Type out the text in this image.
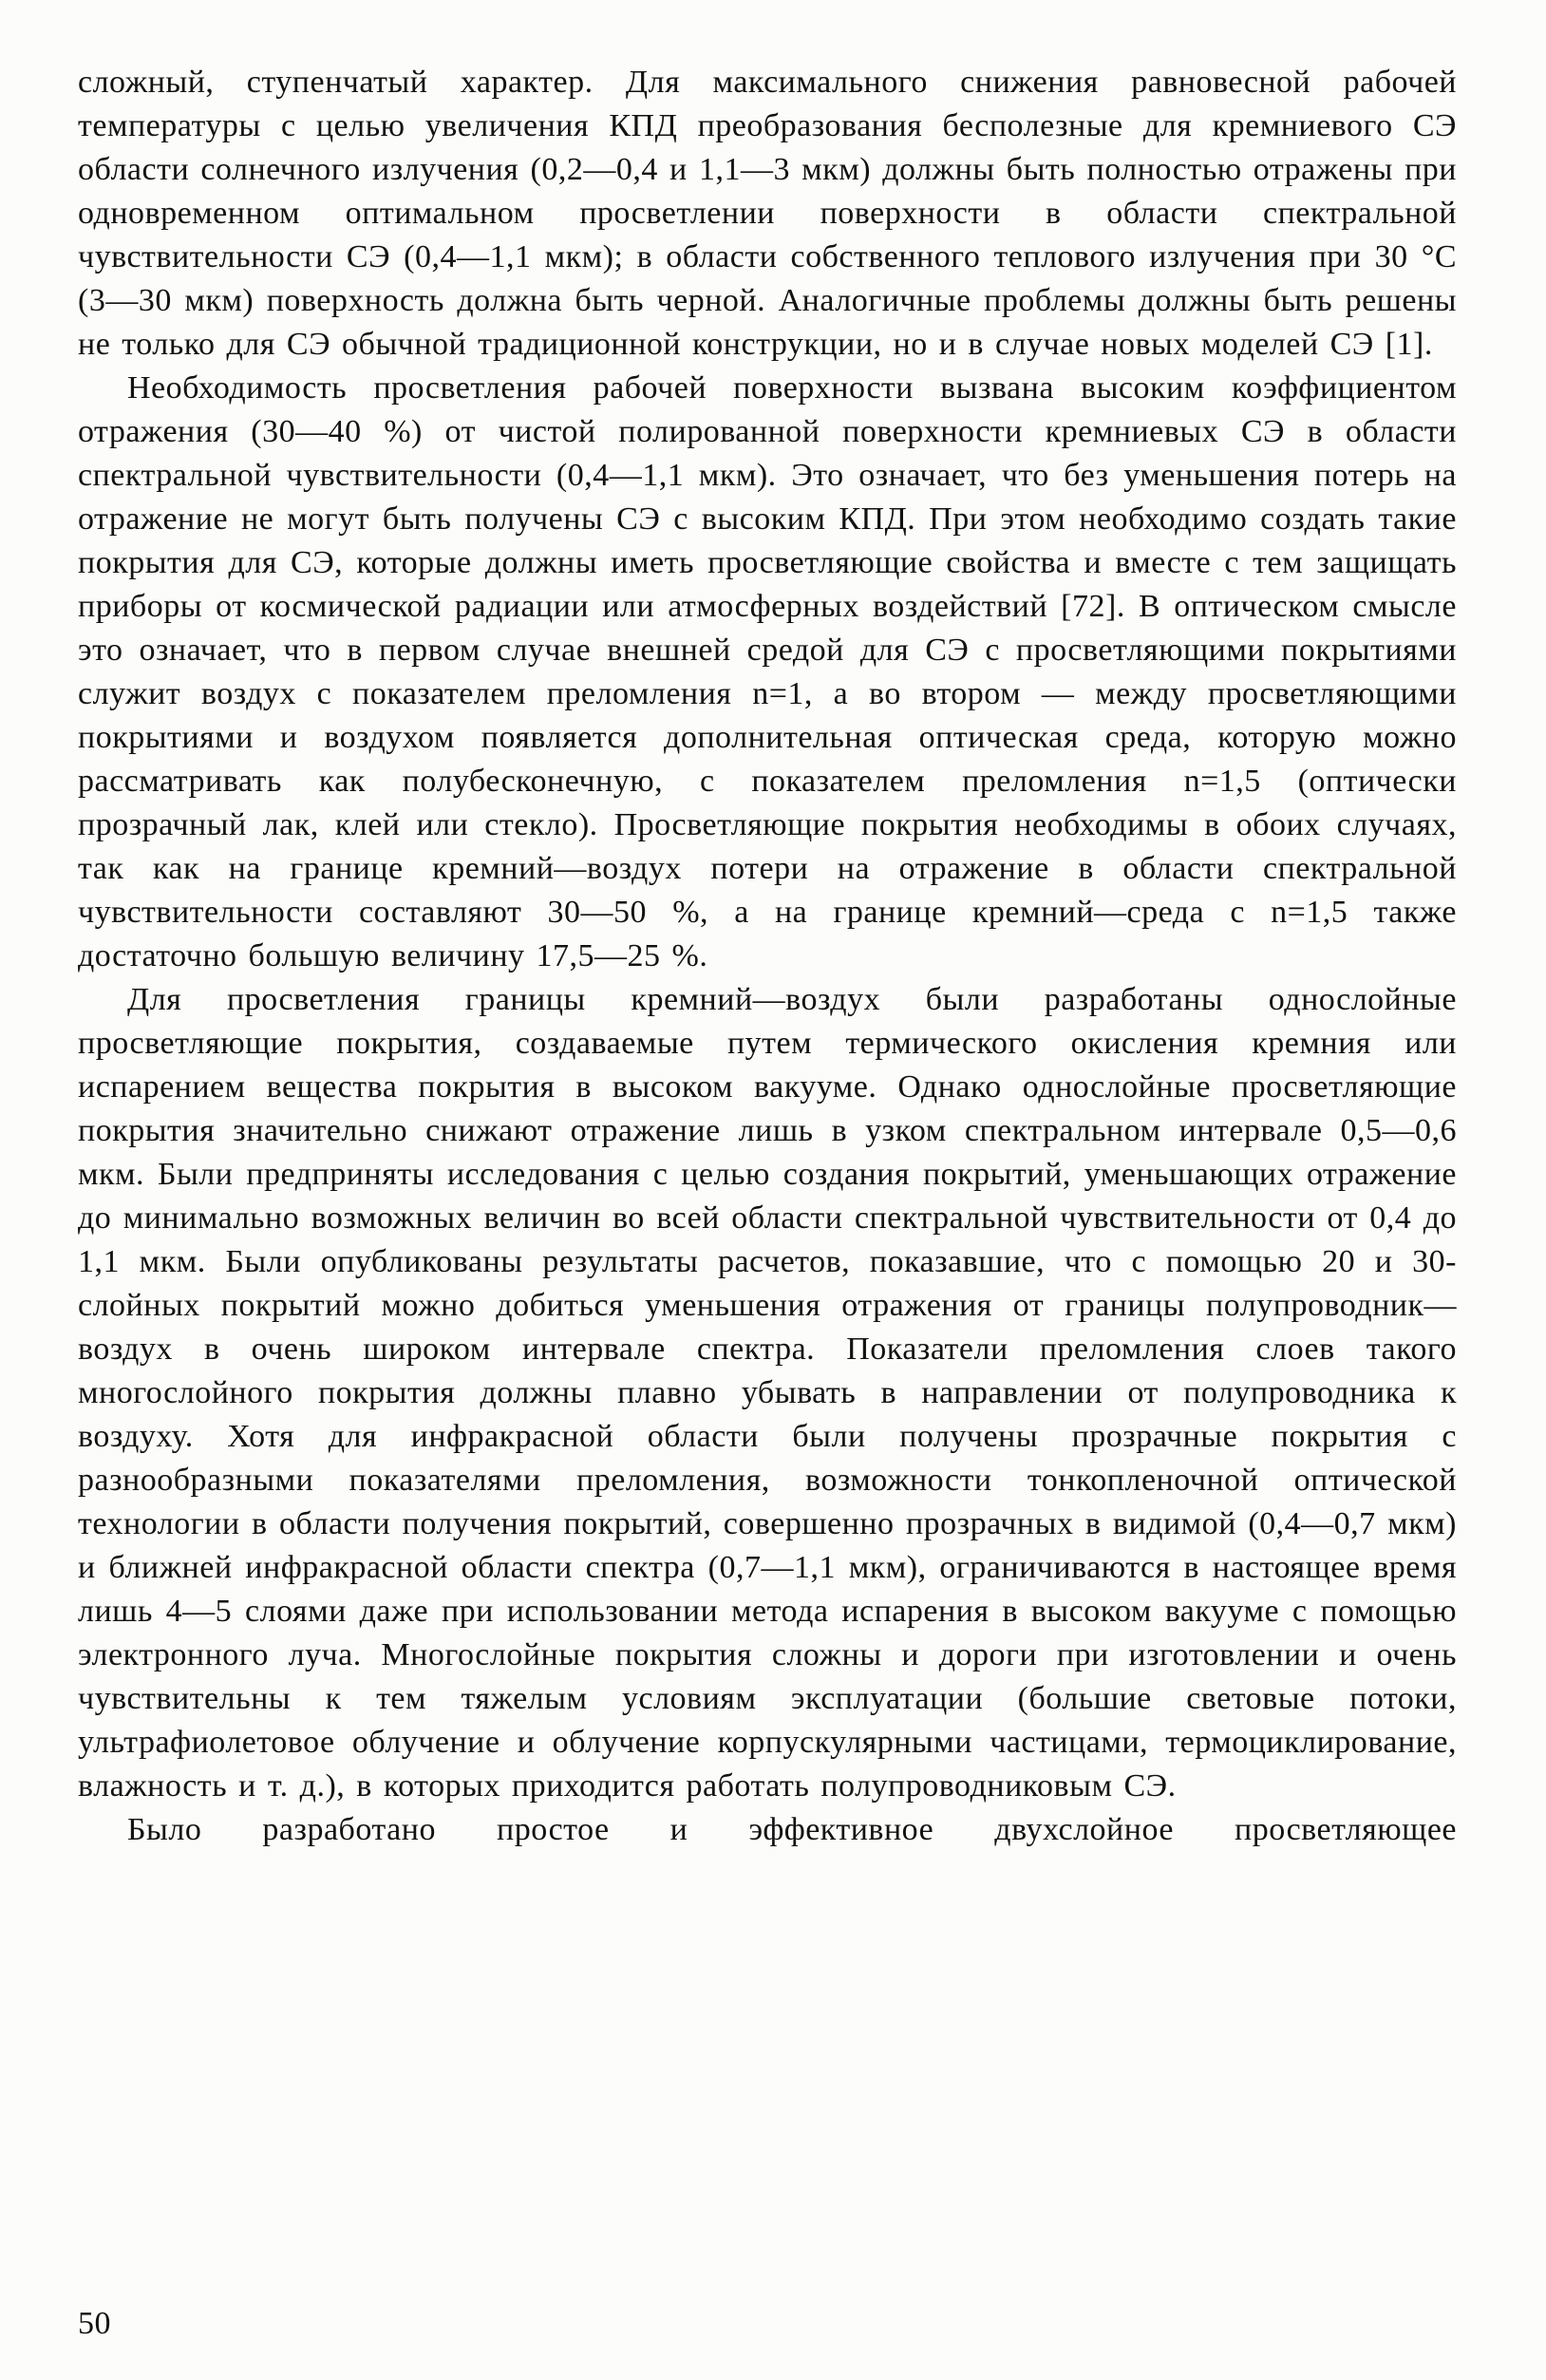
сложный, ступенчатый характер. Для максимального снижения равновесной рабочей температуры с целью увеличения КПД преобразования бесполезные для кремниевого СЭ области солнечного излучения (0,2—0,4 и 1,1—3 мкм) должны быть полностью отражены при одновременном оптимальном просветлении поверхности в области спектральной чувствительности СЭ (0,4—1,1 мкм); в области собственного теплового излучения при 30 °С (3—30 мкм) поверхность должна быть черной. Аналогичные проблемы должны быть решены не только для СЭ обычной традиционной конструкции, но и в случае новых моделей СЭ [1].

Необходимость просветления рабочей поверхности вызвана высоким коэффициентом отражения (30—40 %) от чистой полированной поверхности кремниевых СЭ в области спектральной чувствительности (0,4—1,1 мкм). Это означает, что без уменьшения потерь на отражение не могут быть получены СЭ с высоким КПД. При этом необходимо создать такие покрытия для СЭ, которые должны иметь просветляющие свойства и вместе с тем защищать приборы от космической радиации или атмосферных воздействий [72]. В оптическом смысле это означает, что в первом случае внешней средой для СЭ с просветляющими покрытиями служит воздух с показателем преломления n=1, а во втором — между просветляющими покрытиями и воздухом появляется дополнительная оптическая среда, которую можно рассматривать как полубесконечную, с показателем преломления n=1,5 (оптически прозрачный лак, клей или стекло). Просветляющие покрытия необходимы в обоих случаях, так как на границе кремний—воздух потери на отражение в области спектральной чувствительности составляют 30—50 %, а на границе кремний—среда с n=1,5 также достаточно большую величину 17,5—25 %.

Для просветления границы кремний—воздух были разработаны однослойные просветляющие покрытия, создаваемые путем термического окисления кремния или испарением вещества покрытия в высоком вакууме. Однако однослойные просветляющие покрытия значительно снижают отражение лишь в узком спектральном интервале 0,5—0,6 мкм. Были предприняты исследования с целью создания покрытий, уменьшающих отражение до минимально возможных величин во всей области спектральной чувствительности от 0,4 до 1,1 мкм. Были опубликованы результаты расчетов, показавшие, что с помощью 20 и 30-слойных покрытий можно добиться уменьшения отражения от границы полупроводник—воздух в очень широком интервале спектра. Показатели преломления слоев такого многослойного покрытия должны плавно убывать в направлении от полупроводника к воздуху. Хотя для инфракрасной области были получены прозрачные покрытия с разнообразными показателями преломления, возможности тонкопленочной оптической технологии в области получения покрытий, совершенно прозрачных в видимой (0,4—0,7 мкм) и ближней инфракрасной области спектра (0,7—1,1 мкм), ограничиваются в настоящее время лишь 4—5 слоями даже при использовании метода испарения в высоком вакууме с помощью электронного луча. Многослойные покрытия сложны и дороги при изготовлении и очень чувствительны к тем тяжелым условиям эксплуатации (большие световые потоки, ультрафиолетовое облучение и облучение корпускулярными частицами, термоциклирование, влажность и т. д.), в которых приходится работать полупроводниковым СЭ.

Было разработано простое и эффективное двухслойное просветляющее

50
